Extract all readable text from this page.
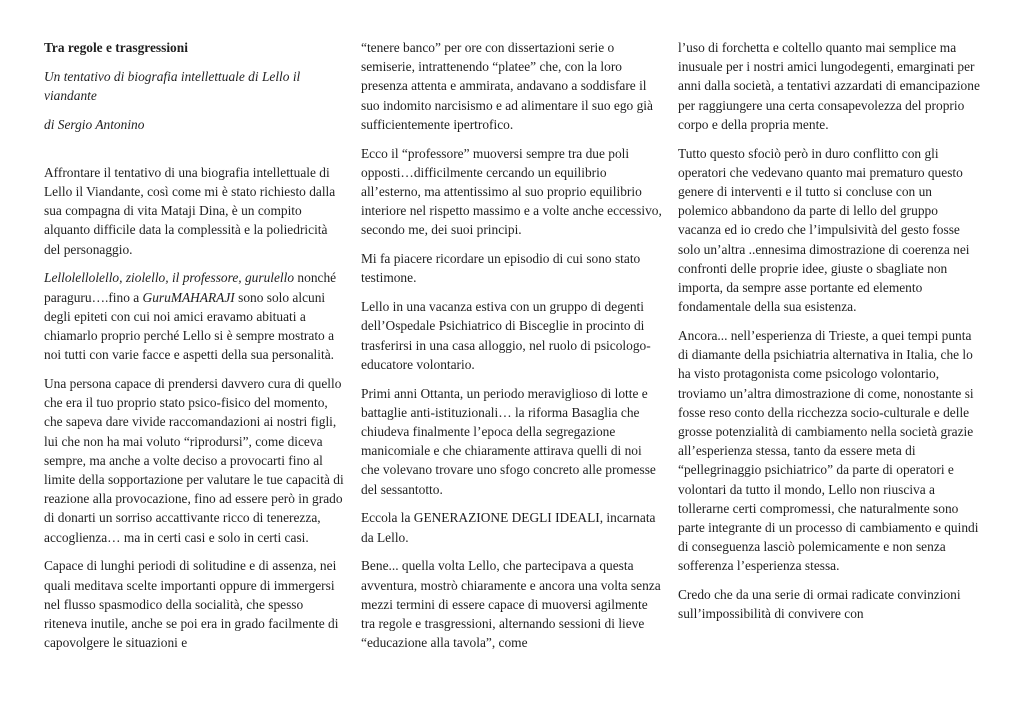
Tra regole e trasgressioni

Un tentativo di biografia intellettuale di Lello il viandante

di Sergio Antonino

Affrontare il tentativo di una biografia intellettuale di Lello il Viandante, così come mi è stato richiesto dalla sua compagna di vita Mataji Dina, è un compito alquanto difficile data la complessità e la poliedricità del personaggio.

Lellolellolello, ziolello, il professore, gurulello nonché paraguru….fino a GuruMAHARAJI sono solo alcuni degli epiteti con cui noi amici eravamo abituati a chiamarlo proprio perché Lello si è sempre mostrato a noi tutti con varie facce e aspetti della sua personalità.

Una persona capace di prendersi davvero cura di quello che era il tuo proprio stato psico-fisico del momento, che sapeva dare vivide raccomandazioni ai nostri figli, lui che non ha mai voluto “riprodursi”, come diceva sempre, ma anche a volte deciso a provocarti fino al limite della sopportazione per valutare le tue capacità di reazione alla provocazione, fino ad essere però in grado di donarti un sorriso accattivante ricco di tenerezza, accoglienza… ma in certi casi e solo in certi casi.

Capace di lunghi periodi di solitudine e di assenza, nei quali meditava scelte importanti oppure di immergersi nel flusso spasmodico della socialità, che spesso riteneva inutile, anche se poi era in grado facilmente di capovolgere le situazioni e

“tenere banco” per ore con dissertazioni serie o semiserie, intrattenendo “platee” che, con la loro presenza attenta e ammirata, andavano a soddisfare il suo indomito narcisismo e ad alimentare il suo ego già sufficientemente ipertrofico.

Ecco il “professore” muoversi sempre tra due poli opposti…difficilmente cercando un equilibrio all’esterno, ma attentissimo al suo proprio equilibrio interiore nel rispetto massimo e a volte anche eccessivo, secondo me, dei suoi principi.

Mi fa piacere ricordare un episodio di cui sono stato testimone.

Lello in una vacanza estiva con un gruppo di degenti dell’Ospedale Psichiatrico di Bisceglie in procinto di trasferirsi in una casa alloggio, nel ruolo di psicologo-educatore volontario.

Primi anni Ottanta, un periodo meraviglioso di lotte e battaglie anti-istituzionali… la riforma Basaglia che chiudeva finalmente l’epoca della segregazione manicomiale e che chiaramente attirava quelli di noi che volevano trovare uno sfogo concreto alle promesse del sessantotto.

Eccola la GENERAZIONE DEGLI IDEALI, incarnata da Lello.

Bene... quella volta Lello, che partecipava a questa avventura, mostrò chiaramente e ancora una volta senza mezzi termini di essere capace di muoversi agilmente tra regole e trasgressioni, alternando sessioni di lieve “educazione alla tavola”, come

l’uso di forchetta e coltello quanto mai semplice ma inusuale per i nostri amici lungodegenti, emarginati per anni dalla società, a tentativi azzardati di emancipazione per raggiungere una certa consapevolezza del proprio corpo e della propria mente.

Tutto questo sfociò però in duro conflitto con gli operatori che vedevano quanto mai prematuro questo genere di interventi e il tutto si concluse con un polemico abbandono da parte di lello del gruppo vacanza ed io credo che l’impulsività del gesto fosse solo un’altra ..ennesima dimostrazione di coerenza nei confronti delle proprie idee, giuste o sbagliate non importa, da sempre asse portante ed elemento fondamentale della sua esistenza.

Ancora... nell’esperienza di Trieste, a quei tempi punta di diamante della psichiatria alternativa in Italia, che lo ha visto protagonista come psicologo volontario, troviamo un’altra dimostrazione di come, nonostante si fosse reso conto della ricchezza socio-culturale e delle grosse potenzialità di cambiamento nella società grazie all’esperienza stessa, tanto da essere meta di “pellegrinaggio psichiatrico” da parte di operatori e volontari da tutto il mondo, Lello non riusciva a tollerarne certi compromessi, che naturalmente sono parte integrante di un processo di cambiamento e quindi di conseguenza lasciò polemicamente e non senza sofferenza l’esperienza stessa.

Credo che da una serie di ormai radicate convinzioni sull’impossibilità di convivere con
